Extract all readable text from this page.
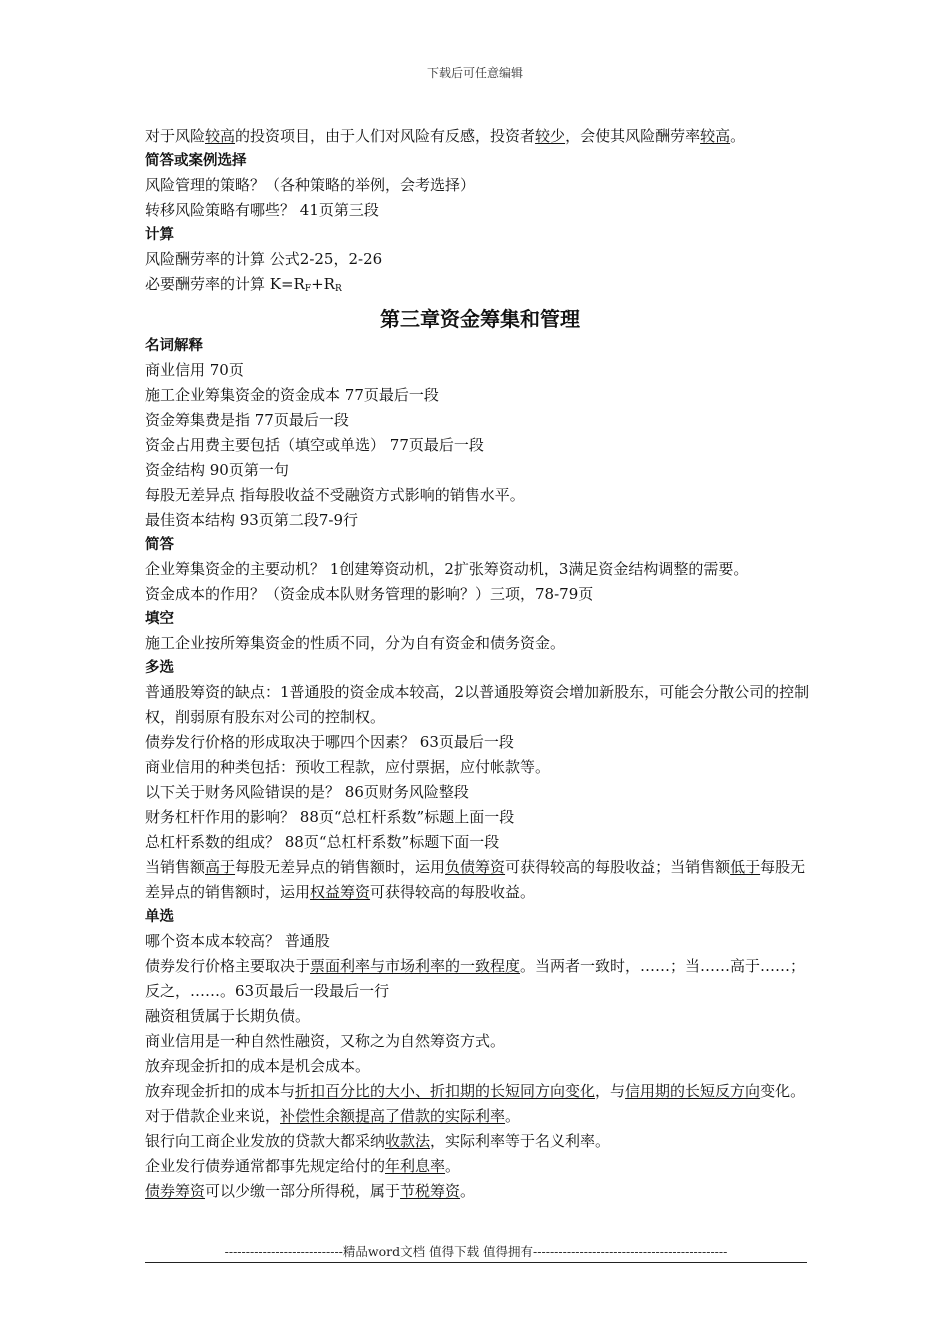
下载后可任意编辑
对于风险较高的投资项目，由于人们对风险有反感，投资者较少，会使其风险酬劳率较高。
简答或案例选择
风险管理的策略？（各种策略的举例，会考选择）
转移风险策略有哪些？ 41页第三段
计算
风险酬劳率的计算 公式2-25，2-26
必要酬劳率的计算 $K=R_F+R_R$
第三章资金筹集和管理
名词解释
商业信用 70页
施工企业筹集资金的资金成本 77页最后一段
资金筹集费是指 77页最后一段
资金占用费主要包括（填空或单选） 77页最后一段
资金结构 90页第一句
每股无差异点 指每股收益不受融资方式影响的销售水平。
最佳资本结构 93页第二段7-9行
简答
企业筹集资金的主要动机？ 1创建筹资动机，2扩张筹资动机，3满足资金结构调整的需要。
资金成本的作用？（资金成本队财务管理的影响？）三项，78-79页
填空
施工企业按所筹集资金的性质不同，分为自有资金和债务资金。
多选
普通股筹资的缺点：1普通股的资金成本较高，2以普通股筹资会增加新股东，可能会分散公司的控制权，削弱原有股东对公司的控制权。
债券发行价格的形成取决于哪四个因素？ 63页最后一段
商业信用的种类包括：预收工程款，应付票据，应付帐款等。
以下关于财务风险错误的是？ 86页财务风险整段
财务杠杆作用的影响？ 88页“总杠杆系数”标题上面一段
总杠杆系数的组成？ 88页“总杠杆系数”标题下面一段
当销售额高于每股无差异点的销售额时，运用负债筹资可获得较高的每股收益；当销售额低于每股无差异点的销售额时，运用权益筹资可获得较高的每股收益。
单选
哪个资本成本较高？ 普通股
债券发行价格主要取决于票面利率与市场利率的一致程度。当两者一致时，……；当……高于……；反之，……。63页最后一段最后一行
融资租赁属于长期负债。
商业信用是一种自然性融资，又称之为自然筹资方式。
放弃现金折扣的成本是机会成本。
放弃现金折扣的成本与折扣百分比的大小、折扣期的长短同方向变化，与信用期的长短反方向变化。
对于借款企业来说，补偿性余额提高了借款的实际利率。
银行向工商企业发放的贷款大都采纳收款法，实际利率等于名义利率。
企业发行债券通常都事先规定给付的年利息率。
债券筹资可以少缴一部分所得税，属于节税筹资。
----------------------------精品word文档 值得下载 值得拥有----------------------------------------------
